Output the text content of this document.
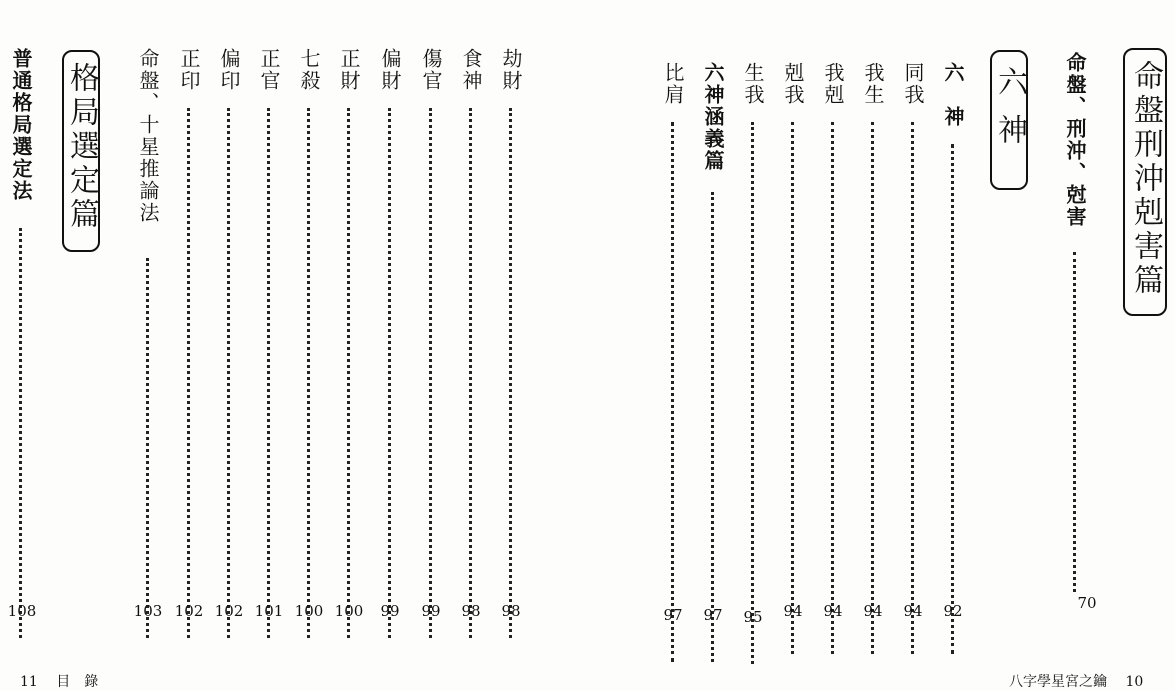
普通格局選定法
108
格局選定篇 命盤、十星推論法
103
正印
102
偏印
102
正官
101
七殺
100
正財
100
偏財
99
傷官
99
食神
98
劫財
98
11 目　錄
比肩
97
六神涵義篇
97
生我
95
剋我
94
我剋
94
我生
94
同我
94
六　神
92
六神 命盤、刑沖、尅害
70
命盤刑沖剋害篇
八字學星宮之鑰 10
